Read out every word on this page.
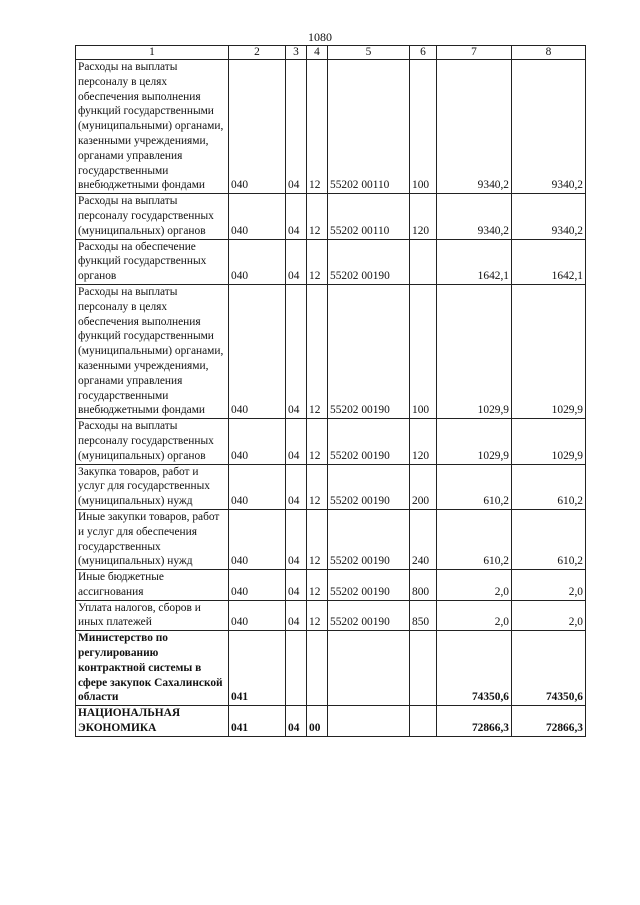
1080
1	2	3	4	5	6	7	8
Расходы на выплаты персоналу в целях обеспечения выполнения функций государственными (муниципальными) органами, казенными учреждениями, органами управления государственными внебюджетными фондами	040	04	12	55202 00110	100	9340,2	9340,2
Расходы на выплаты персоналу государственных (муниципальных) органов	040	04	12	55202 00110	120	9340,2	9340,2
Расходы на обеспечение функций государственных органов	040	04	12	55202 00190		1642,1	1642,1
Расходы на выплаты персоналу в целях обеспечения выполнения функций государственными (муниципальными) органами, казенными учреждениями, органами управления государственными внебюджетными фондами	040	04	12	55202 00190	100	1029,9	1029,9
Расходы на выплаты персоналу государственных (муниципальных) органов	040	04	12	55202 00190	120	1029,9	1029,9
Закупка товаров, работ и услуг для государственных (муниципальных) нужд	040	04	12	55202 00190	200	610,2	610,2
Иные закупки товаров, работ и услуг для обеспечения государственных (муниципальных) нужд	040	04	12	55202 00190	240	610,2	610,2
Иные бюджетные ассигнования	040	04	12	55202 00190	800	2,0	2,0
Уплата налогов, сборов и иных платежей	040	04	12	55202 00190	850	2,0	2,0
Министерство по регулированию контрактной системы в сфере закупок Сахалинской области	041					74350,6	74350,6
НАЦИОНАЛЬНАЯ ЭКОНОМИКА	041	04	00			72866,3	72866,3
